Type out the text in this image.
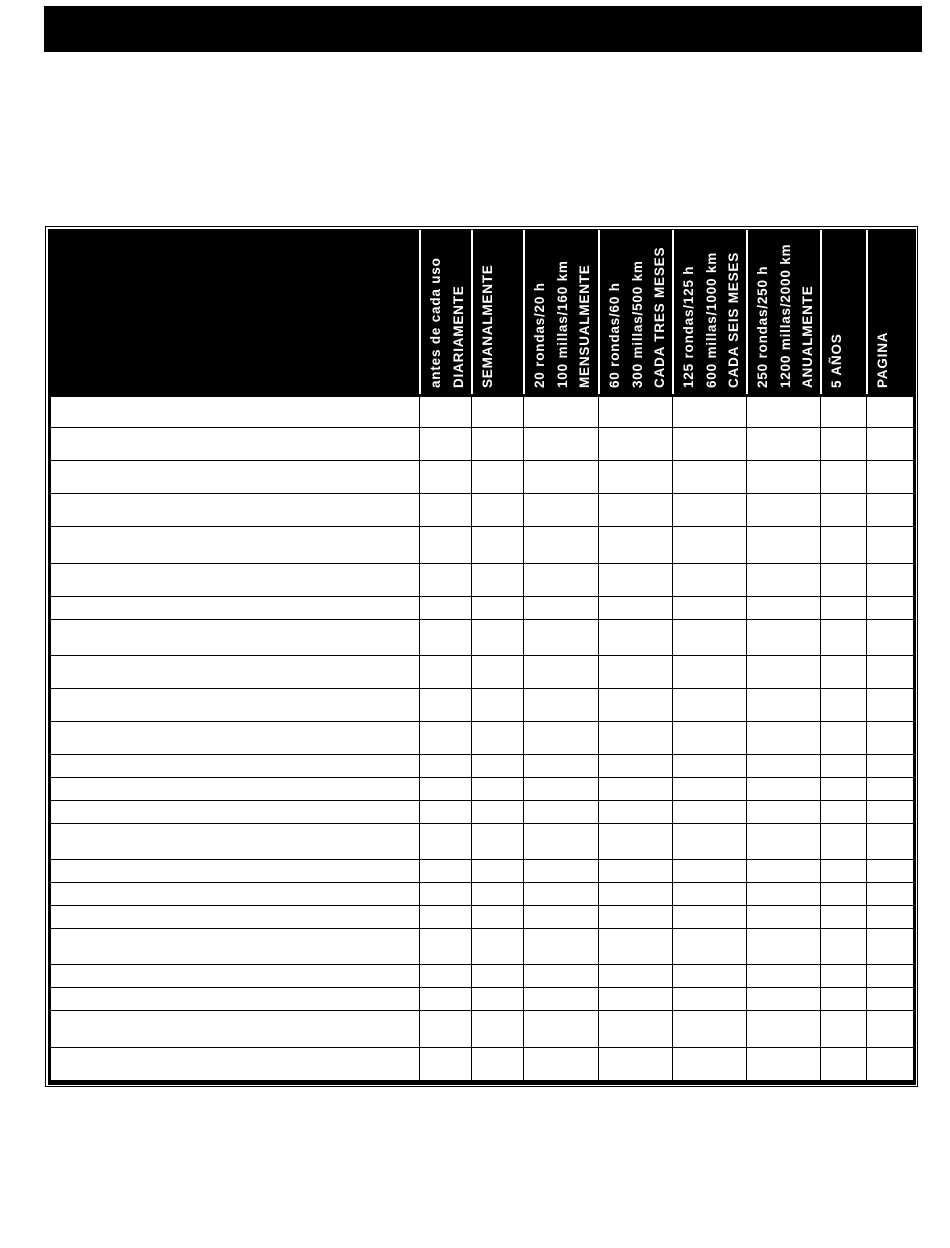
antes de cada uso DIARIAMENTE	SEMANALMENTE	20 rondas/20 h 100 millas/160 km MENSUALMENTE	60 rondas/60 h 300 millas/500 km CADA TRES MESES	125 rondas/125 h 600 millas/1000 km CADA SEIS MESES	250 rondas/250 h 1200 millas/2000 km ANUALMENTE	5 AÑOS	PAGINA
